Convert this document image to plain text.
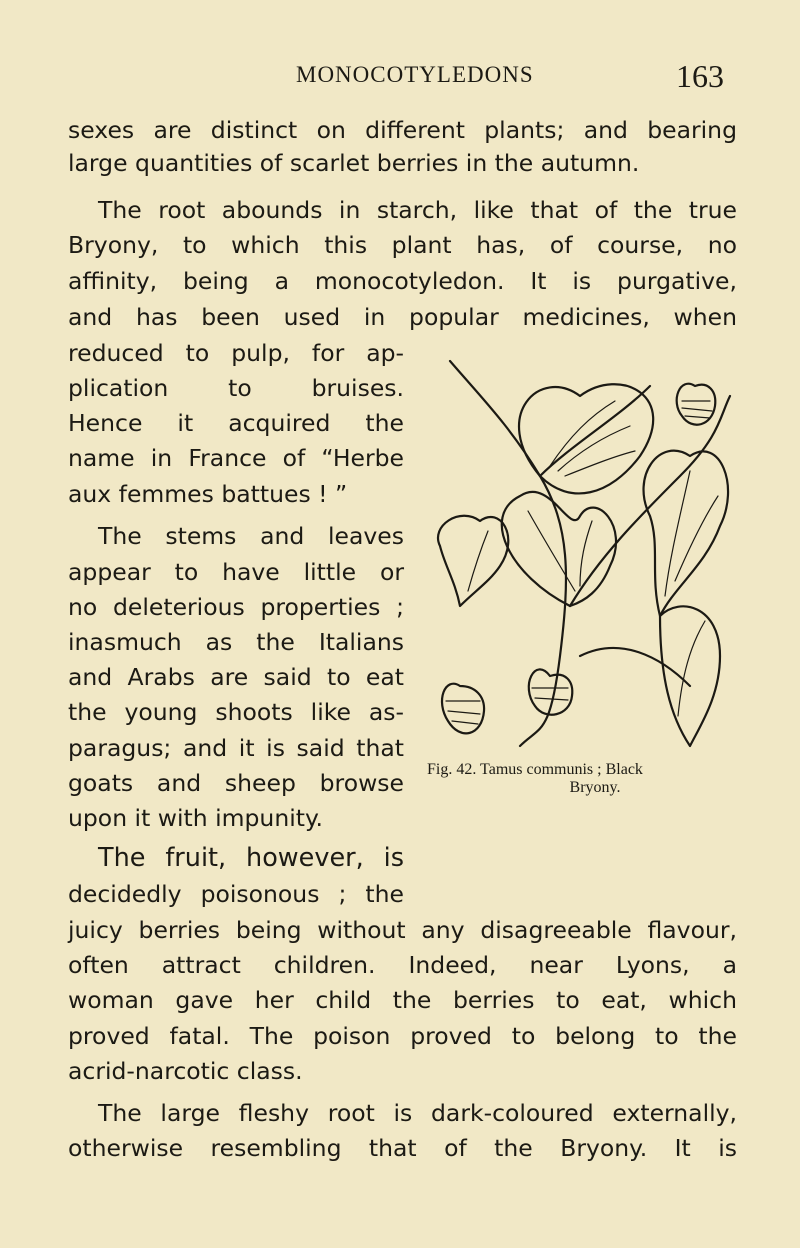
MONOCOTYLEDONS	163
sexes are distinct on different plants; and bearing
large quantities of scarlet berries in the autumn.
The root abounds in starch, like that of the true
Bryony, to which this plant has, of course, no
affinity, being a monocotyledon. It is purgative,
and has been used in popular medicines, when
reduced to pulp, for ap-
plication to bruises.
Hence it acquired the
name in France of “Herbe
aux femmes battues ! ”
The stems and leaves
appear to have little or
no deleterious properties ;
inasmuch as the Italians
and Arabs are said to eat
the young shoots like as-
paragus; and it is said that
goats and sheep browse
upon it with impunity.
The fruit, however, is
decidedly poisonous ; the
juicy berries being without any disagreeable flavour,
often attract children. Indeed, near Lyons, a
woman gave her child the berries to eat, which
proved fatal. The poison proved to belong to the
acrid-narcotic class.
The large fleshy root is dark-coloured externally,
otherwise resembling that of the Bryony. It is
Fig. 42. Tamus communis ; Black
Bryony.
